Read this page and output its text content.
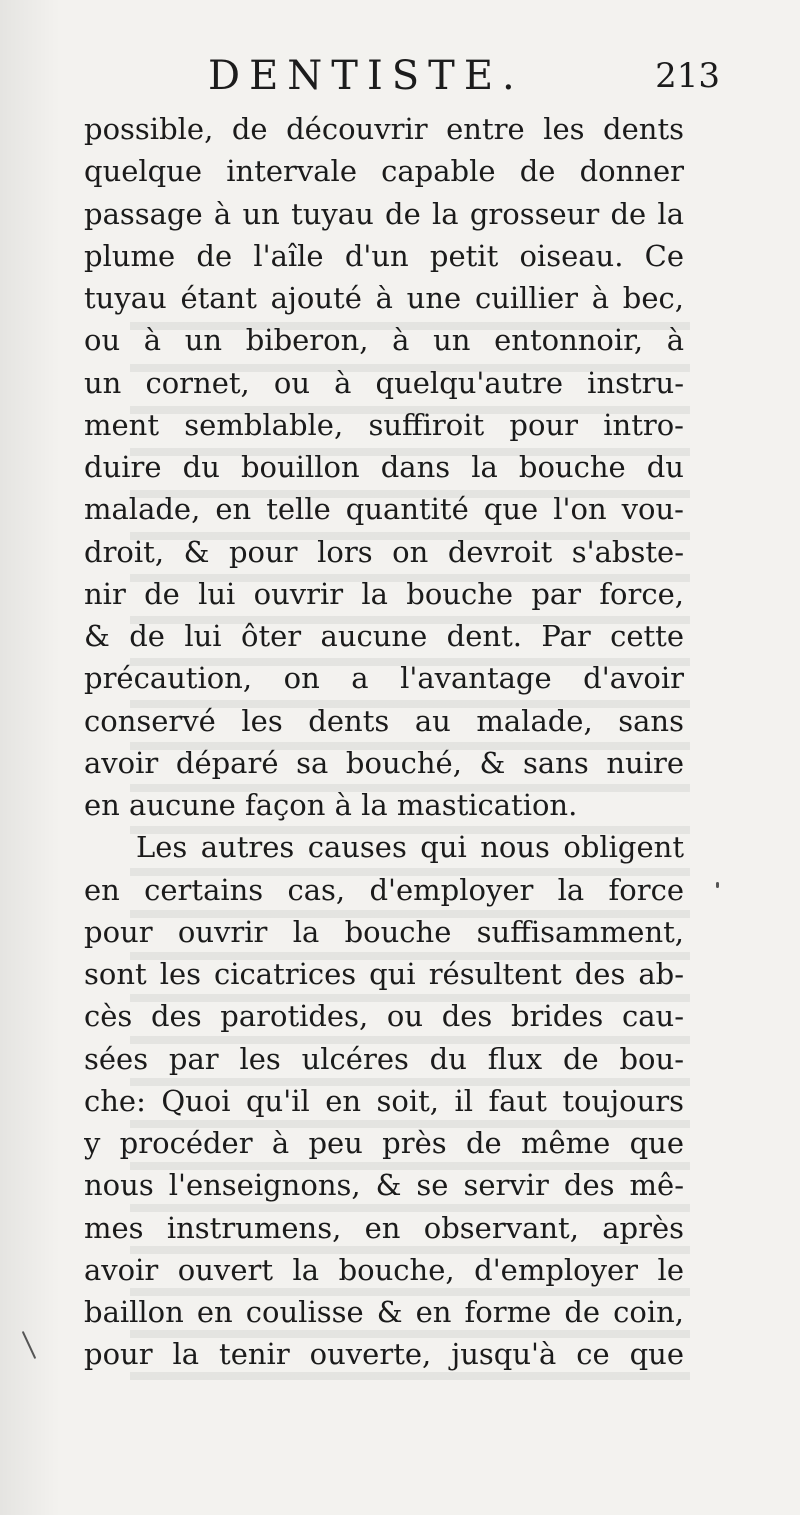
DENTISTE.	213
possible, de découvrir entre les dents
quelque intervale capable de donner
passage à un tuyau de la grosseur de la
plume de l'aîle d'un petit oiseau. Ce
tuyau étant ajouté à une cuillier à bec,
ou à un biberon, à un entonnoir, à
un cornet, ou à quelqu'autre instru-
ment semblable, suffiroit pour intro-
duire du bouillon dans la bouche du
malade, en telle quantité que l'on vou-
droit, & pour lors on devroit s'abste-
nir de lui ouvrir la bouche par force,
& de lui ôter aucune dent. Par cette
précaution, on a l'avantage d'avoir
conservé les dents au malade, sans
avoir déparé sa bouché, & sans nuire
en aucune façon à la mastication.
Les autres causes qui nous obligent
en certains cas, d'employer la force
pour ouvrir la bouche suffisamment,
sont les cicatrices qui résultent des ab-
cès des parotides, ou des brides cau-
sées par les ulcéres du flux de bou-
che: Quoi qu'il en soit, il faut toujours
y procéder à peu près de même que
nous l'enseignons, & se servir des mê-
mes instrumens, en observant, après
avoir ouvert la bouche, d'employer le
baillon en coulisse & en forme de coin,
pour la tenir ouverte, jusqu'à ce que
